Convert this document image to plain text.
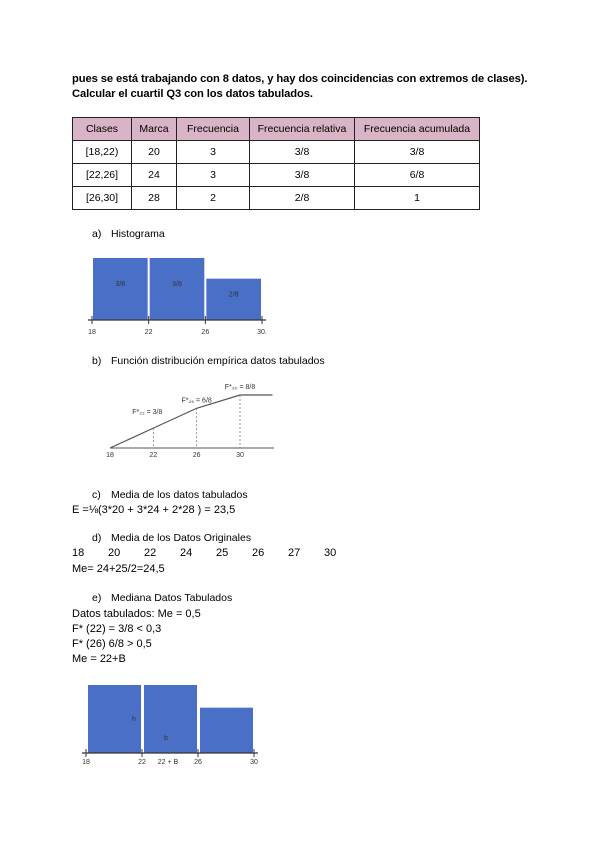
pues se está trabajando con 8 datos, y hay dos coincidencias con extremos de clases).
Calcular el cuartil Q3 con los datos tabulados.
Clases	Marca	Frecuencia	Frecuencia relativa	Frecuencia acumulada
[18,22)	20	3	3/8	3/8
[22,26]	24	3	3/8	6/8
[26,30]	28	2	2/8	1
a) Histograma
3/8	3/8
2/8
18	22	26	30.
b) Función distribución empírica datos tabulados
18	22	26	30
F*₂₂ = 3/8
F*₂₆ = 6/8
F*₃₀ = 8/8
c) Media de los datos tabulados
E =⅛(3*20 + 3*24 + 2*28 ) = 23,5
d) Media de los Datos Originales
18 20 22 24 25 26 27 30
Me= 24+25/2=24,5
e) Mediana Datos Tabulados
Datos tabulados: Me = 0,5
F* (22) = 3/8 < 0,3
F* (26) 6/8 > 0,5
Me = 22+B
h
b
18	22 22 + B 26	30
